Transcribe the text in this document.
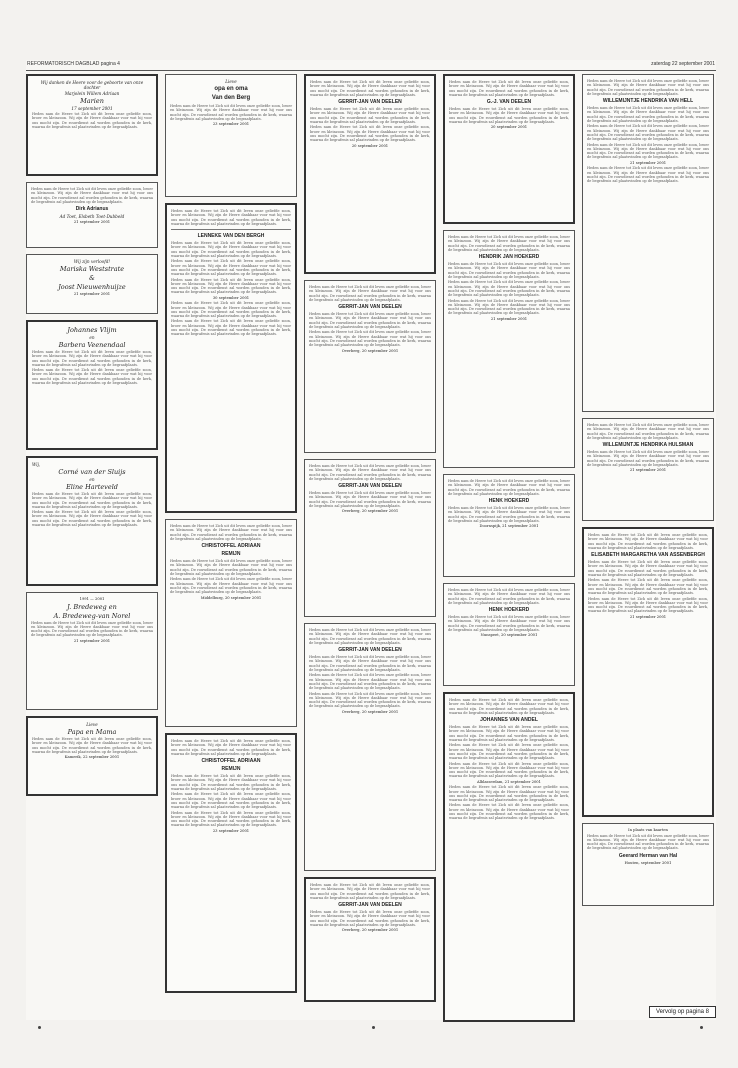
REFORMATORISCH DAGBLAD pagina 4	zaterdag 22 september 2001

Wij danken de Heere voor de geboorte van onze dochter

Marjolein Willem Adriaan

Marien

17 september 2001

Heden nam de Heere tot Zich uit dit leven onze geliefde zoon, broer en kleinzoon. Wij zijn de Heere dankbaar voor wat hij voor ons mocht zijn. De rouwdienst zal worden gehouden in de kerk, waarna de begrafenis zal plaatsvinden op de begraafplaats.

Heden nam de Heere tot Zich uit dit leven onze geliefde zoon, broer en kleinzoon. Wij zijn de Heere dankbaar voor wat hij voor ons mocht zijn. De rouwdienst zal worden gehouden in de kerk, waarna de begrafenis zal plaatsvinden op de begraafplaats.

Dirk Adrianus

Ad Toet, Elsbeth Toet-Dubbeld

21 september 2001

Wij zijn verloofd!

Mariska Weststrate

&

Joost Nieuwenhuijze

21 september 2001

Johannes Vlijm

en

Barbera Veenendaal

Heden nam de Heere tot Zich uit dit leven onze geliefde zoon, broer en kleinzoon. Wij zijn de Heere dankbaar voor wat hij voor ons mocht zijn. De rouwdienst zal worden gehouden in de kerk, waarna de begrafenis zal plaatsvinden op de begraafplaats.

Heden nam de Heere tot Zich uit dit leven onze geliefde zoon, broer en kleinzoon. Wij zijn de Heere dankbaar voor wat hij voor ons mocht zijn. De rouwdienst zal worden gehouden in de kerk, waarna de begrafenis zal plaatsvinden op de begraafplaats.

Wij,

Corné van der Sluijs

en

Eline Harteveld

Heden nam de Heere tot Zich uit dit leven onze geliefde zoon, broer en kleinzoon. Wij zijn de Heere dankbaar voor wat hij voor ons mocht zijn. De rouwdienst zal worden gehouden in de kerk, waarna de begrafenis zal plaatsvinden op de begraafplaats.

Heden nam de Heere tot Zich uit dit leven onze geliefde zoon, broer en kleinzoon. Wij zijn de Heere dankbaar voor wat hij voor ons mocht zijn. De rouwdienst zal worden gehouden in de kerk, waarna de begrafenis zal plaatsvinden op de begraafplaats.

1991 — 2001

J. Bredeweg en

A. Bredeweg-van Norel

Heden nam de Heere tot Zich uit dit leven onze geliefde zoon, broer en kleinzoon. Wij zijn de Heere dankbaar voor wat hij voor ons mocht zijn. De rouwdienst zal worden gehouden in de kerk, waarna de begrafenis zal plaatsvinden op de begraafplaats.

21 september 2001

Lieve

Papa en Mama

Heden nam de Heere tot Zich uit dit leven onze geliefde zoon, broer en kleinzoon. Wij zijn de Heere dankbaar voor wat hij voor ons mocht zijn. De rouwdienst zal worden gehouden in de kerk, waarna de begrafenis zal plaatsvinden op de begraafplaats.

Kamerik, 22 september 2001

Lieve

opa en oma

Van den Berg

Heden nam de Heere tot Zich uit dit leven onze geliefde zoon, broer en kleinzoon. Wij zijn de Heere dankbaar voor wat hij voor ons mocht zijn. De rouwdienst zal worden gehouden in de kerk, waarna de begrafenis zal plaatsvinden op de begraafplaats.

23 september 2001

Heden nam de Heere tot Zich uit dit leven onze geliefde zoon, broer en kleinzoon. Wij zijn de Heere dankbaar voor wat hij voor ons mocht zijn. De rouwdienst zal worden gehouden in de kerk, waarna de begrafenis zal plaatsvinden op de begraafplaats.

LENNEKE VAN DEN BERGH

Heden nam de Heere tot Zich uit dit leven onze geliefde zoon, broer en kleinzoon. Wij zijn de Heere dankbaar voor wat hij voor ons mocht zijn. De rouwdienst zal worden gehouden in de kerk, waarna de begrafenis zal plaatsvinden op de begraafplaats.

Heden nam de Heere tot Zich uit dit leven onze geliefde zoon, broer en kleinzoon. Wij zijn de Heere dankbaar voor wat hij voor ons mocht zijn. De rouwdienst zal worden gehouden in de kerk, waarna de begrafenis zal plaatsvinden op de begraafplaats.

Heden nam de Heere tot Zich uit dit leven onze geliefde zoon, broer en kleinzoon. Wij zijn de Heere dankbaar voor wat hij voor ons mocht zijn. De rouwdienst zal worden gehouden in de kerk, waarna de begrafenis zal plaatsvinden op de begraafplaats.

30 september 2001

Heden nam de Heere tot Zich uit dit leven onze geliefde zoon, broer en kleinzoon. Wij zijn de Heere dankbaar voor wat hij voor ons mocht zijn. De rouwdienst zal worden gehouden in de kerk, waarna de begrafenis zal plaatsvinden op de begraafplaats.

Heden nam de Heere tot Zich uit dit leven onze geliefde zoon, broer en kleinzoon. Wij zijn de Heere dankbaar voor wat hij voor ons mocht zijn. De rouwdienst zal worden gehouden in de kerk, waarna de begrafenis zal plaatsvinden op de begraafplaats.

Heden nam de Heere tot Zich uit dit leven onze geliefde zoon, broer en kleinzoon. Wij zijn de Heere dankbaar voor wat hij voor ons mocht zijn. De rouwdienst zal worden gehouden in de kerk, waarna de begrafenis zal plaatsvinden op de begraafplaats.

CHRISTOFFEL ADRIAAN

REMIJN

Heden nam de Heere tot Zich uit dit leven onze geliefde zoon, broer en kleinzoon. Wij zijn de Heere dankbaar voor wat hij voor ons mocht zijn. De rouwdienst zal worden gehouden in de kerk, waarna de begrafenis zal plaatsvinden op de begraafplaats.

Heden nam de Heere tot Zich uit dit leven onze geliefde zoon, broer en kleinzoon. Wij zijn de Heere dankbaar voor wat hij voor ons mocht zijn. De rouwdienst zal worden gehouden in de kerk, waarna de begrafenis zal plaatsvinden op de begraafplaats.

Middelburg, 20 september 2001

Heden nam de Heere tot Zich uit dit leven onze geliefde zoon, broer en kleinzoon. Wij zijn de Heere dankbaar voor wat hij voor ons mocht zijn. De rouwdienst zal worden gehouden in de kerk, waarna de begrafenis zal plaatsvinden op de begraafplaats.

CHRISTOFFEL ADRIAAN

REMIJN

Heden nam de Heere tot Zich uit dit leven onze geliefde zoon, broer en kleinzoon. Wij zijn de Heere dankbaar voor wat hij voor ons mocht zijn. De rouwdienst zal worden gehouden in de kerk, waarna de begrafenis zal plaatsvinden op de begraafplaats.

Heden nam de Heere tot Zich uit dit leven onze geliefde zoon, broer en kleinzoon. Wij zijn de Heere dankbaar voor wat hij voor ons mocht zijn. De rouwdienst zal worden gehouden in de kerk, waarna de begrafenis zal plaatsvinden op de begraafplaats.

Heden nam de Heere tot Zich uit dit leven onze geliefde zoon, broer en kleinzoon. Wij zijn de Heere dankbaar voor wat hij voor ons mocht zijn. De rouwdienst zal worden gehouden in de kerk, waarna de begrafenis zal plaatsvinden op de begraafplaats.

23 september 2001

Heden nam de Heere tot Zich uit dit leven onze geliefde zoon, broer en kleinzoon. Wij zijn de Heere dankbaar voor wat hij voor ons mocht zijn. De rouwdienst zal worden gehouden in de kerk, waarna de begrafenis zal plaatsvinden op de begraafplaats.

GERRIT-JAN VAN DEELEN

Heden nam de Heere tot Zich uit dit leven onze geliefde zoon, broer en kleinzoon. Wij zijn de Heere dankbaar voor wat hij voor ons mocht zijn. De rouwdienst zal worden gehouden in de kerk, waarna de begrafenis zal plaatsvinden op de begraafplaats.

Heden nam de Heere tot Zich uit dit leven onze geliefde zoon, broer en kleinzoon. Wij zijn de Heere dankbaar voor wat hij voor ons mocht zijn. De rouwdienst zal worden gehouden in de kerk, waarna de begrafenis zal plaatsvinden op de begraafplaats.

20 september 2001

Heden nam de Heere tot Zich uit dit leven onze geliefde zoon, broer en kleinzoon. Wij zijn de Heere dankbaar voor wat hij voor ons mocht zijn. De rouwdienst zal worden gehouden in de kerk, waarna de begrafenis zal plaatsvinden op de begraafplaats.

GERRIT-JAN VAN DEELEN

Heden nam de Heere tot Zich uit dit leven onze geliefde zoon, broer en kleinzoon. Wij zijn de Heere dankbaar voor wat hij voor ons mocht zijn. De rouwdienst zal worden gehouden in de kerk, waarna de begrafenis zal plaatsvinden op de begraafplaats.

Heden nam de Heere tot Zich uit dit leven onze geliefde zoon, broer en kleinzoon. Wij zijn de Heere dankbaar voor wat hij voor ons mocht zijn. De rouwdienst zal worden gehouden in de kerk, waarna de begrafenis zal plaatsvinden op de begraafplaats.

Overberg, 20 september 2001

Heden nam de Heere tot Zich uit dit leven onze geliefde zoon, broer en kleinzoon. Wij zijn de Heere dankbaar voor wat hij voor ons mocht zijn. De rouwdienst zal worden gehouden in de kerk, waarna de begrafenis zal plaatsvinden op de begraafplaats.

GERRIT-JAN VAN DEELEN

Heden nam de Heere tot Zich uit dit leven onze geliefde zoon, broer en kleinzoon. Wij zijn de Heere dankbaar voor wat hij voor ons mocht zijn. De rouwdienst zal worden gehouden in de kerk, waarna de begrafenis zal plaatsvinden op de begraafplaats.

Overberg, 20 september 2001

Heden nam de Heere tot Zich uit dit leven onze geliefde zoon, broer en kleinzoon. Wij zijn de Heere dankbaar voor wat hij voor ons mocht zijn. De rouwdienst zal worden gehouden in de kerk, waarna de begrafenis zal plaatsvinden op de begraafplaats.

GERRIT-JAN VAN DEELEN

Heden nam de Heere tot Zich uit dit leven onze geliefde zoon, broer en kleinzoon. Wij zijn de Heere dankbaar voor wat hij voor ons mocht zijn. De rouwdienst zal worden gehouden in de kerk, waarna de begrafenis zal plaatsvinden op de begraafplaats.

Heden nam de Heere tot Zich uit dit leven onze geliefde zoon, broer en kleinzoon. Wij zijn de Heere dankbaar voor wat hij voor ons mocht zijn. De rouwdienst zal worden gehouden in de kerk, waarna de begrafenis zal plaatsvinden op de begraafplaats.

Heden nam de Heere tot Zich uit dit leven onze geliefde zoon, broer en kleinzoon. Wij zijn de Heere dankbaar voor wat hij voor ons mocht zijn. De rouwdienst zal worden gehouden in de kerk, waarna de begrafenis zal plaatsvinden op de begraafplaats.

Overberg, 20 september 2001

Heden nam de Heere tot Zich uit dit leven onze geliefde zoon, broer en kleinzoon. Wij zijn de Heere dankbaar voor wat hij voor ons mocht zijn. De rouwdienst zal worden gehouden in de kerk, waarna de begrafenis zal plaatsvinden op de begraafplaats.

GERRIT-JAN VAN DEELEN

Heden nam de Heere tot Zich uit dit leven onze geliefde zoon, broer en kleinzoon. Wij zijn de Heere dankbaar voor wat hij voor ons mocht zijn. De rouwdienst zal worden gehouden in de kerk, waarna de begrafenis zal plaatsvinden op de begraafplaats.

Overberg, 20 september 2001

Heden nam de Heere tot Zich uit dit leven onze geliefde zoon, broer en kleinzoon. Wij zijn de Heere dankbaar voor wat hij voor ons mocht zijn. De rouwdienst zal worden gehouden in de kerk, waarna de begrafenis zal plaatsvinden op de begraafplaats.

G.-J. VAN DEELEN

Heden nam de Heere tot Zich uit dit leven onze geliefde zoon, broer en kleinzoon. Wij zijn de Heere dankbaar voor wat hij voor ons mocht zijn. De rouwdienst zal worden gehouden in de kerk, waarna de begrafenis zal plaatsvinden op de begraafplaats.

20 september 2001

Heden nam de Heere tot Zich uit dit leven onze geliefde zoon, broer en kleinzoon. Wij zijn de Heere dankbaar voor wat hij voor ons mocht zijn. De rouwdienst zal worden gehouden in de kerk, waarna de begrafenis zal plaatsvinden op de begraafplaats.

HENDRIK JAN HOEKERD

Heden nam de Heere tot Zich uit dit leven onze geliefde zoon, broer en kleinzoon. Wij zijn de Heere dankbaar voor wat hij voor ons mocht zijn. De rouwdienst zal worden gehouden in de kerk, waarna de begrafenis zal plaatsvinden op de begraafplaats.

Heden nam de Heere tot Zich uit dit leven onze geliefde zoon, broer en kleinzoon. Wij zijn de Heere dankbaar voor wat hij voor ons mocht zijn. De rouwdienst zal worden gehouden in de kerk, waarna de begrafenis zal plaatsvinden op de begraafplaats.

Heden nam de Heere tot Zich uit dit leven onze geliefde zoon, broer en kleinzoon. Wij zijn de Heere dankbaar voor wat hij voor ons mocht zijn. De rouwdienst zal worden gehouden in de kerk, waarna de begrafenis zal plaatsvinden op de begraafplaats.

21 september 2001

Heden nam de Heere tot Zich uit dit leven onze geliefde zoon, broer en kleinzoon. Wij zijn de Heere dankbaar voor wat hij voor ons mocht zijn. De rouwdienst zal worden gehouden in de kerk, waarna de begrafenis zal plaatsvinden op de begraafplaats.

HENK HOEKERD

Heden nam de Heere tot Zich uit dit leven onze geliefde zoon, broer en kleinzoon. Wij zijn de Heere dankbaar voor wat hij voor ons mocht zijn. De rouwdienst zal worden gehouden in de kerk, waarna de begrafenis zal plaatsvinden op de begraafplaats.

Doornspijk, 21 september 2001

Heden nam de Heere tot Zich uit dit leven onze geliefde zoon, broer en kleinzoon. Wij zijn de Heere dankbaar voor wat hij voor ons mocht zijn. De rouwdienst zal worden gehouden in de kerk, waarna de begrafenis zal plaatsvinden op de begraafplaats.

HENK HOEKERD

Heden nam de Heere tot Zich uit dit leven onze geliefde zoon, broer en kleinzoon. Wij zijn de Heere dankbaar voor wat hij voor ons mocht zijn. De rouwdienst zal worden gehouden in de kerk, waarna de begrafenis zal plaatsvinden op de begraafplaats.

Nunspeet, 20 september 2001

Heden nam de Heere tot Zich uit dit leven onze geliefde zoon, broer en kleinzoon. Wij zijn de Heere dankbaar voor wat hij voor ons mocht zijn. De rouwdienst zal worden gehouden in de kerk, waarna de begrafenis zal plaatsvinden op de begraafplaats.

JOHANNES VAN ANDEL

Heden nam de Heere tot Zich uit dit leven onze geliefde zoon, broer en kleinzoon. Wij zijn de Heere dankbaar voor wat hij voor ons mocht zijn. De rouwdienst zal worden gehouden in de kerk, waarna de begrafenis zal plaatsvinden op de begraafplaats.

Heden nam de Heere tot Zich uit dit leven onze geliefde zoon, broer en kleinzoon. Wij zijn de Heere dankbaar voor wat hij voor ons mocht zijn. De rouwdienst zal worden gehouden in de kerk, waarna de begrafenis zal plaatsvinden op de begraafplaats.

Heden nam de Heere tot Zich uit dit leven onze geliefde zoon, broer en kleinzoon. Wij zijn de Heere dankbaar voor wat hij voor ons mocht zijn. De rouwdienst zal worden gehouden in de kerk, waarna de begrafenis zal plaatsvinden op de begraafplaats.

Alblasserdam, 21 september 2001

Heden nam de Heere tot Zich uit dit leven onze geliefde zoon, broer en kleinzoon. Wij zijn de Heere dankbaar voor wat hij voor ons mocht zijn. De rouwdienst zal worden gehouden in de kerk, waarna de begrafenis zal plaatsvinden op de begraafplaats.

Heden nam de Heere tot Zich uit dit leven onze geliefde zoon, broer en kleinzoon. Wij zijn de Heere dankbaar voor wat hij voor ons mocht zijn. De rouwdienst zal worden gehouden in de kerk, waarna de begrafenis zal plaatsvinden op de begraafplaats.

Heden nam de Heere tot Zich uit dit leven onze geliefde zoon, broer en kleinzoon. Wij zijn de Heere dankbaar voor wat hij voor ons mocht zijn. De rouwdienst zal worden gehouden in de kerk, waarna de begrafenis zal plaatsvinden op de begraafplaats.

WILLEMIJNTJE HENDRIKA VAN HELL

Heden nam de Heere tot Zich uit dit leven onze geliefde zoon, broer en kleinzoon. Wij zijn de Heere dankbaar voor wat hij voor ons mocht zijn. De rouwdienst zal worden gehouden in de kerk, waarna de begrafenis zal plaatsvinden op de begraafplaats.

Heden nam de Heere tot Zich uit dit leven onze geliefde zoon, broer en kleinzoon. Wij zijn de Heere dankbaar voor wat hij voor ons mocht zijn. De rouwdienst zal worden gehouden in de kerk, waarna de begrafenis zal plaatsvinden op de begraafplaats.

Heden nam de Heere tot Zich uit dit leven onze geliefde zoon, broer en kleinzoon. Wij zijn de Heere dankbaar voor wat hij voor ons mocht zijn. De rouwdienst zal worden gehouden in de kerk, waarna de begrafenis zal plaatsvinden op de begraafplaats.

21 september 2001

Heden nam de Heere tot Zich uit dit leven onze geliefde zoon, broer en kleinzoon. Wij zijn de Heere dankbaar voor wat hij voor ons mocht zijn. De rouwdienst zal worden gehouden in de kerk, waarna de begrafenis zal plaatsvinden op de begraafplaats.

Heden nam de Heere tot Zich uit dit leven onze geliefde zoon, broer en kleinzoon. Wij zijn de Heere dankbaar voor wat hij voor ons mocht zijn. De rouwdienst zal worden gehouden in de kerk, waarna de begrafenis zal plaatsvinden op de begraafplaats.

WILLEMIJNTJE HENDRIKA HULSMAN

Heden nam de Heere tot Zich uit dit leven onze geliefde zoon, broer en kleinzoon. Wij zijn de Heere dankbaar voor wat hij voor ons mocht zijn. De rouwdienst zal worden gehouden in de kerk, waarna de begrafenis zal plaatsvinden op de begraafplaats.

21 september 2001

Heden nam de Heere tot Zich uit dit leven onze geliefde zoon, broer en kleinzoon. Wij zijn de Heere dankbaar voor wat hij voor ons mocht zijn. De rouwdienst zal worden gehouden in de kerk, waarna de begrafenis zal plaatsvinden op de begraafplaats.

ELISABETH MARGARETHA VAN ASSENBERGH

Heden nam de Heere tot Zich uit dit leven onze geliefde zoon, broer en kleinzoon. Wij zijn de Heere dankbaar voor wat hij voor ons mocht zijn. De rouwdienst zal worden gehouden in de kerk, waarna de begrafenis zal plaatsvinden op de begraafplaats.

Heden nam de Heere tot Zich uit dit leven onze geliefde zoon, broer en kleinzoon. Wij zijn de Heere dankbaar voor wat hij voor ons mocht zijn. De rouwdienst zal worden gehouden in de kerk, waarna de begrafenis zal plaatsvinden op de begraafplaats.

Heden nam de Heere tot Zich uit dit leven onze geliefde zoon, broer en kleinzoon. Wij zijn de Heere dankbaar voor wat hij voor ons mocht zijn. De rouwdienst zal worden gehouden in de kerk, waarna de begrafenis zal plaatsvinden op de begraafplaats.

21 september 2001

In plaats van kaarten

Heden nam de Heere tot Zich uit dit leven onze geliefde zoon, broer en kleinzoon. Wij zijn de Heere dankbaar voor wat hij voor ons mocht zijn. De rouwdienst zal worden gehouden in de kerk, waarna de begrafenis zal plaatsvinden op de begraafplaats.

Geerard Herman van Hal

Houten, september 2001

Vervolg op pagina 8
